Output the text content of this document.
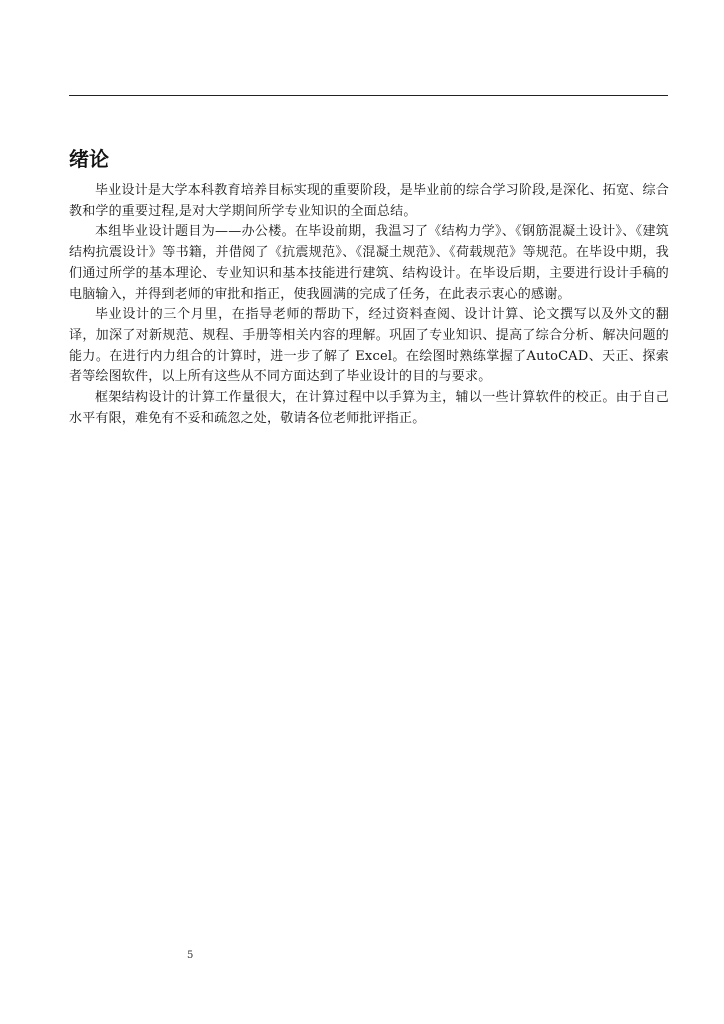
绪论

毕业设计是大学本科教育培养目标实现的重要阶段，是毕业前的综合学习阶段,是深化、拓宽、综合教和学的重要过程,是对大学期间所学专业知识的全面总结。

本组毕业设计题目为——办公楼。在毕设前期，我温习了《结构力学》、《钢筋混凝土设计》、《建筑结构抗震设计》等书籍，并借阅了《抗震规范》、《混凝土规范》、《荷载规范》等规范。在毕设中期，我们通过所学的基本理论、专业知识和基本技能进行建筑、结构设计。在毕设后期，主要进行设计手稿的电脑输入，并得到老师的审批和指正，使我圆满的完成了任务，在此表示衷心的感谢。

毕业设计的三个月里，在指导老师的帮助下，经过资料查阅、设计计算、论文撰写以及外文的翻译，加深了对新规范、规程、手册等相关内容的理解。巩固了专业知识、提高了综合分析、解决问题的能力。在进行内力组合的计算时，进一步了解了 Excel。在绘图时熟练掌握了AutoCAD、天正、探索者等绘图软件，以上所有这些从不同方面达到了毕业设计的目的与要求。

框架结构设计的计算工作量很大，在计算过程中以手算为主，辅以一些计算软件的校正。由于自己水平有限，难免有不妥和疏忽之处，敬请各位老师批评指正。

5
